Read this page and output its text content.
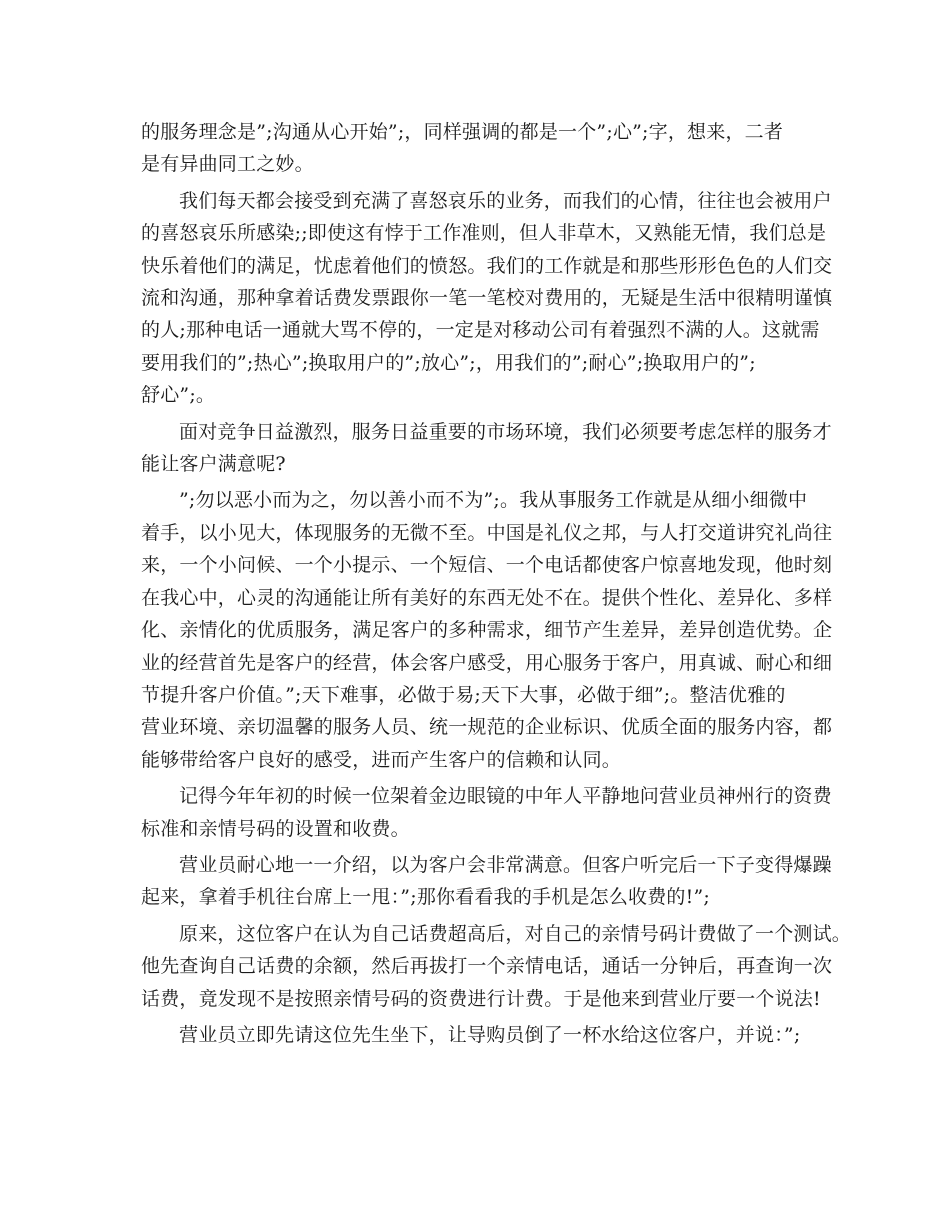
的服务理念是”;沟通从心开始”;，同样强调的都是一个”;心”;字，想来，二者
是有异曲同工之妙。

我们每天都会接受到充满了喜怒哀乐的业务，而我们的心情，往往也会被用户
的喜怒哀乐所感染;;即使这有悖于工作准则，但人非草木，又熟能无情，我们总是
快乐着他们的满足，忧虑着他们的愤怒。我们的工作就是和那些形形色色的人们交
流和沟通，那种拿着话费发票跟你一笔一笔校对费用的，无疑是生活中很精明谨慎
的人;那种电话一通就大骂不停的，一定是对移动公司有着强烈不满的人。这就需
要用我们的”;热心”;换取用户的”;放心”;，用我们的”;耐心”;换取用户的”;
舒心”;。

面对竞争日益激烈，服务日益重要的市场环境，我们必须要考虑怎样的服务才
能让客户满意呢?

”;勿以恶小而为之，勿以善小而不为”;。我从事服务工作就是从细小细微中
着手，以小见大，体现服务的无微不至。中国是礼仪之邦，与人打交道讲究礼尚往
来，一个小问候、一个小提示、一个短信、一个电话都使客户惊喜地发现，他时刻
在我心中，心灵的沟通能让所有美好的东西无处不在。提供个性化、差异化、多样
化、亲情化的优质服务，满足客户的多种需求，细节产生差异，差异创造优势。企
业的经营首先是客户的经营，体会客户感受，用心服务于客户，用真诚、耐心和细
节提升客户价值。”;天下难事，必做于易;天下大事，必做于细”;。整洁优雅的
营业环境、亲切温馨的服务人员、统一规范的企业标识、优质全面的服务内容，都
能够带给客户良好的感受，进而产生客户的信赖和认同。

记得今年年初的时候一位架着金边眼镜的中年人平静地问营业员神州行的资费
标准和亲情号码的设置和收费。

营业员耐心地一一介绍，以为客户会非常满意。但客户听完后一下子变得爆躁
起来，拿着手机往台席上一甩：”;那你看看我的手机是怎么收费的!”;

原来，这位客户在认为自己话费超高后，对自己的亲情号码计费做了一个测试。
他先查询自己话费的余额，然后再拔打一个亲情电话，通话一分钟后，再查询一次
话费，竟发现不是按照亲情号码的资费进行计费。于是他来到营业厅要一个说法!

营业员立即先请这位先生坐下，让导购员倒了一杯水给这位客户，并说：”;
